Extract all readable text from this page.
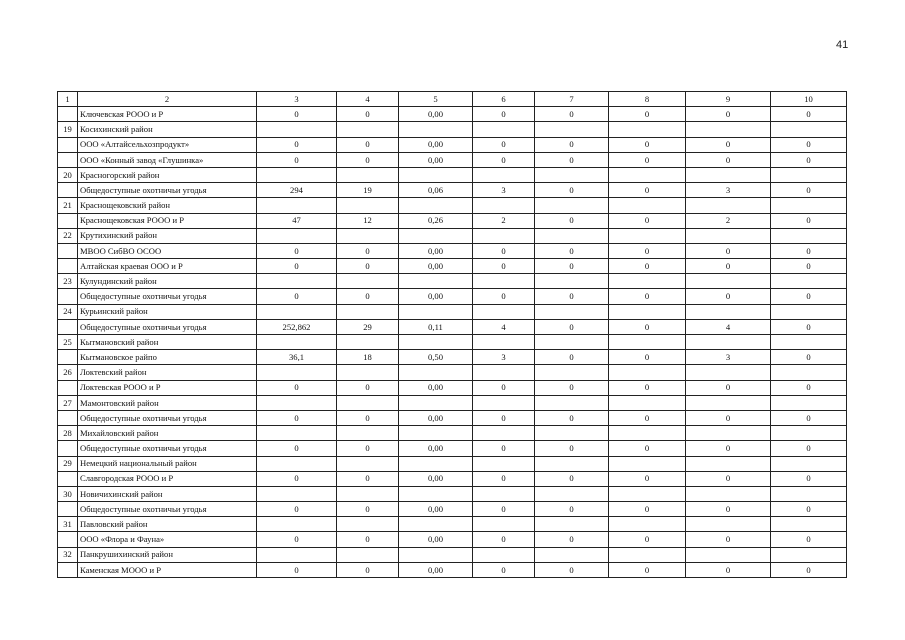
41
1	2	3	4	5	6	7	8	9	10
	Ключевская РООО и Р	0	0	0,00	0	0	0	0	0
19	Косихинский район								
	ООО «Алтайсельхозпродукт»	0	0	0,00	0	0	0	0	0
	ООО «Конный завод «Глушинка»	0	0	0,00	0	0	0	0	0
20	Красногорский район								
	Общедоступные охотничьи угодья	294	19	0,06	3	0	0	3	0
21	Краснощековский район								
	Краснощековская РООО и Р	47	12	0,26	2	0	0	2	0
22	Крутихинский район								
	МВОО СибВО ОСОО	0	0	0,00	0	0	0	0	0
	Алтайская краевая ООО и Р	0	0	0,00	0	0	0	0	0
23	Кулундинский район								
	Общедоступные охотничьи угодья	0	0	0,00	0	0	0	0	0
24	Курьинский район								
	Общедоступные охотничьи угодья	252,862	29	0,11	4	0	0	4	0
25	Кытмановский район								
	Кытмановское райпо	36,1	18	0,50	3	0	0	3	0
26	Локтевский район								
	Локтевская РООО и Р	0	0	0,00	0	0	0	0	0
27	Мамонтовский район								
	Общедоступные охотничьи угодья	0	0	0,00	0	0	0	0	0
28	Михайловский район								
	Общедоступные охотничьи угодья	0	0	0,00	0	0	0	0	0
29	Немецкий национальный район								
	Славгородская РООО и Р	0	0	0,00	0	0	0	0	0
30	Новичихинский район								
	Общедоступные охотничьи угодья	0	0	0,00	0	0	0	0	0
31	Павловский район								
	ООО «Флора и Фауна»	0	0	0,00	0	0	0	0	0
32	Панкрушихинский район								
	Каменская МООО и Р	0	0	0,00	0	0	0	0	0
